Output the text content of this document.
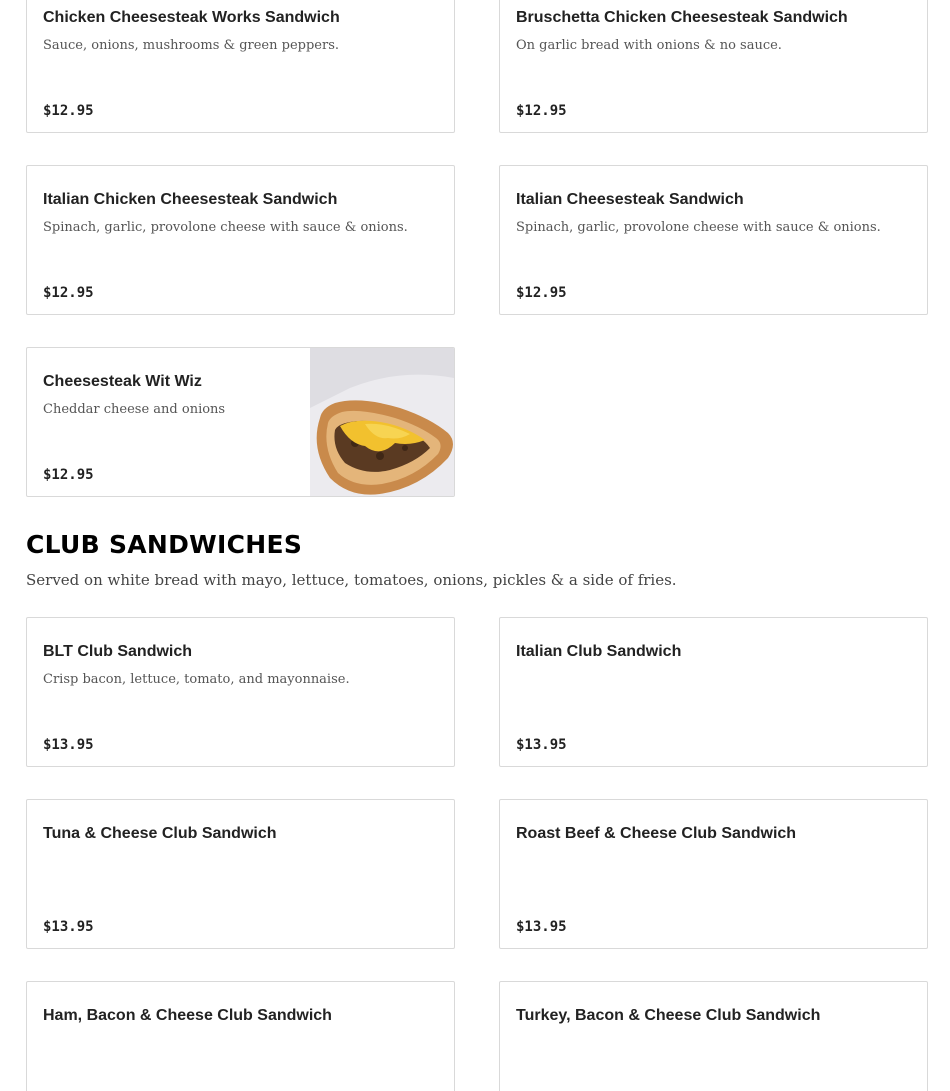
Chicken Cheesesteak Works Sandwich
Sauce, onions, mushrooms & green peppers.
$12.95
Bruschetta Chicken Cheesesteak Sandwich
On garlic bread with onions & no sauce.
$12.95
Italian Chicken Cheesesteak Sandwich
Spinach, garlic, provolone cheese with sauce & onions.
$12.95
Italian Cheesesteak Sandwich
Spinach, garlic, provolone cheese with sauce & onions.
$12.95
Cheesesteak Wit Wiz
Cheddar cheese and onions
$12.95
CLUB SANDWICHES
Served on white bread with mayo, lettuce, tomatoes, onions, pickles & a side of fries.
BLT Club Sandwich
Crisp bacon, lettuce, tomato, and mayonnaise.
$13.95
Italian Club Sandwich
$13.95
Tuna & Cheese Club Sandwich
$13.95
Roast Beef & Cheese Club Sandwich
$13.95
Ham, Bacon & Cheese Club Sandwich	Turkey, Bacon & Cheese Club Sandwich
